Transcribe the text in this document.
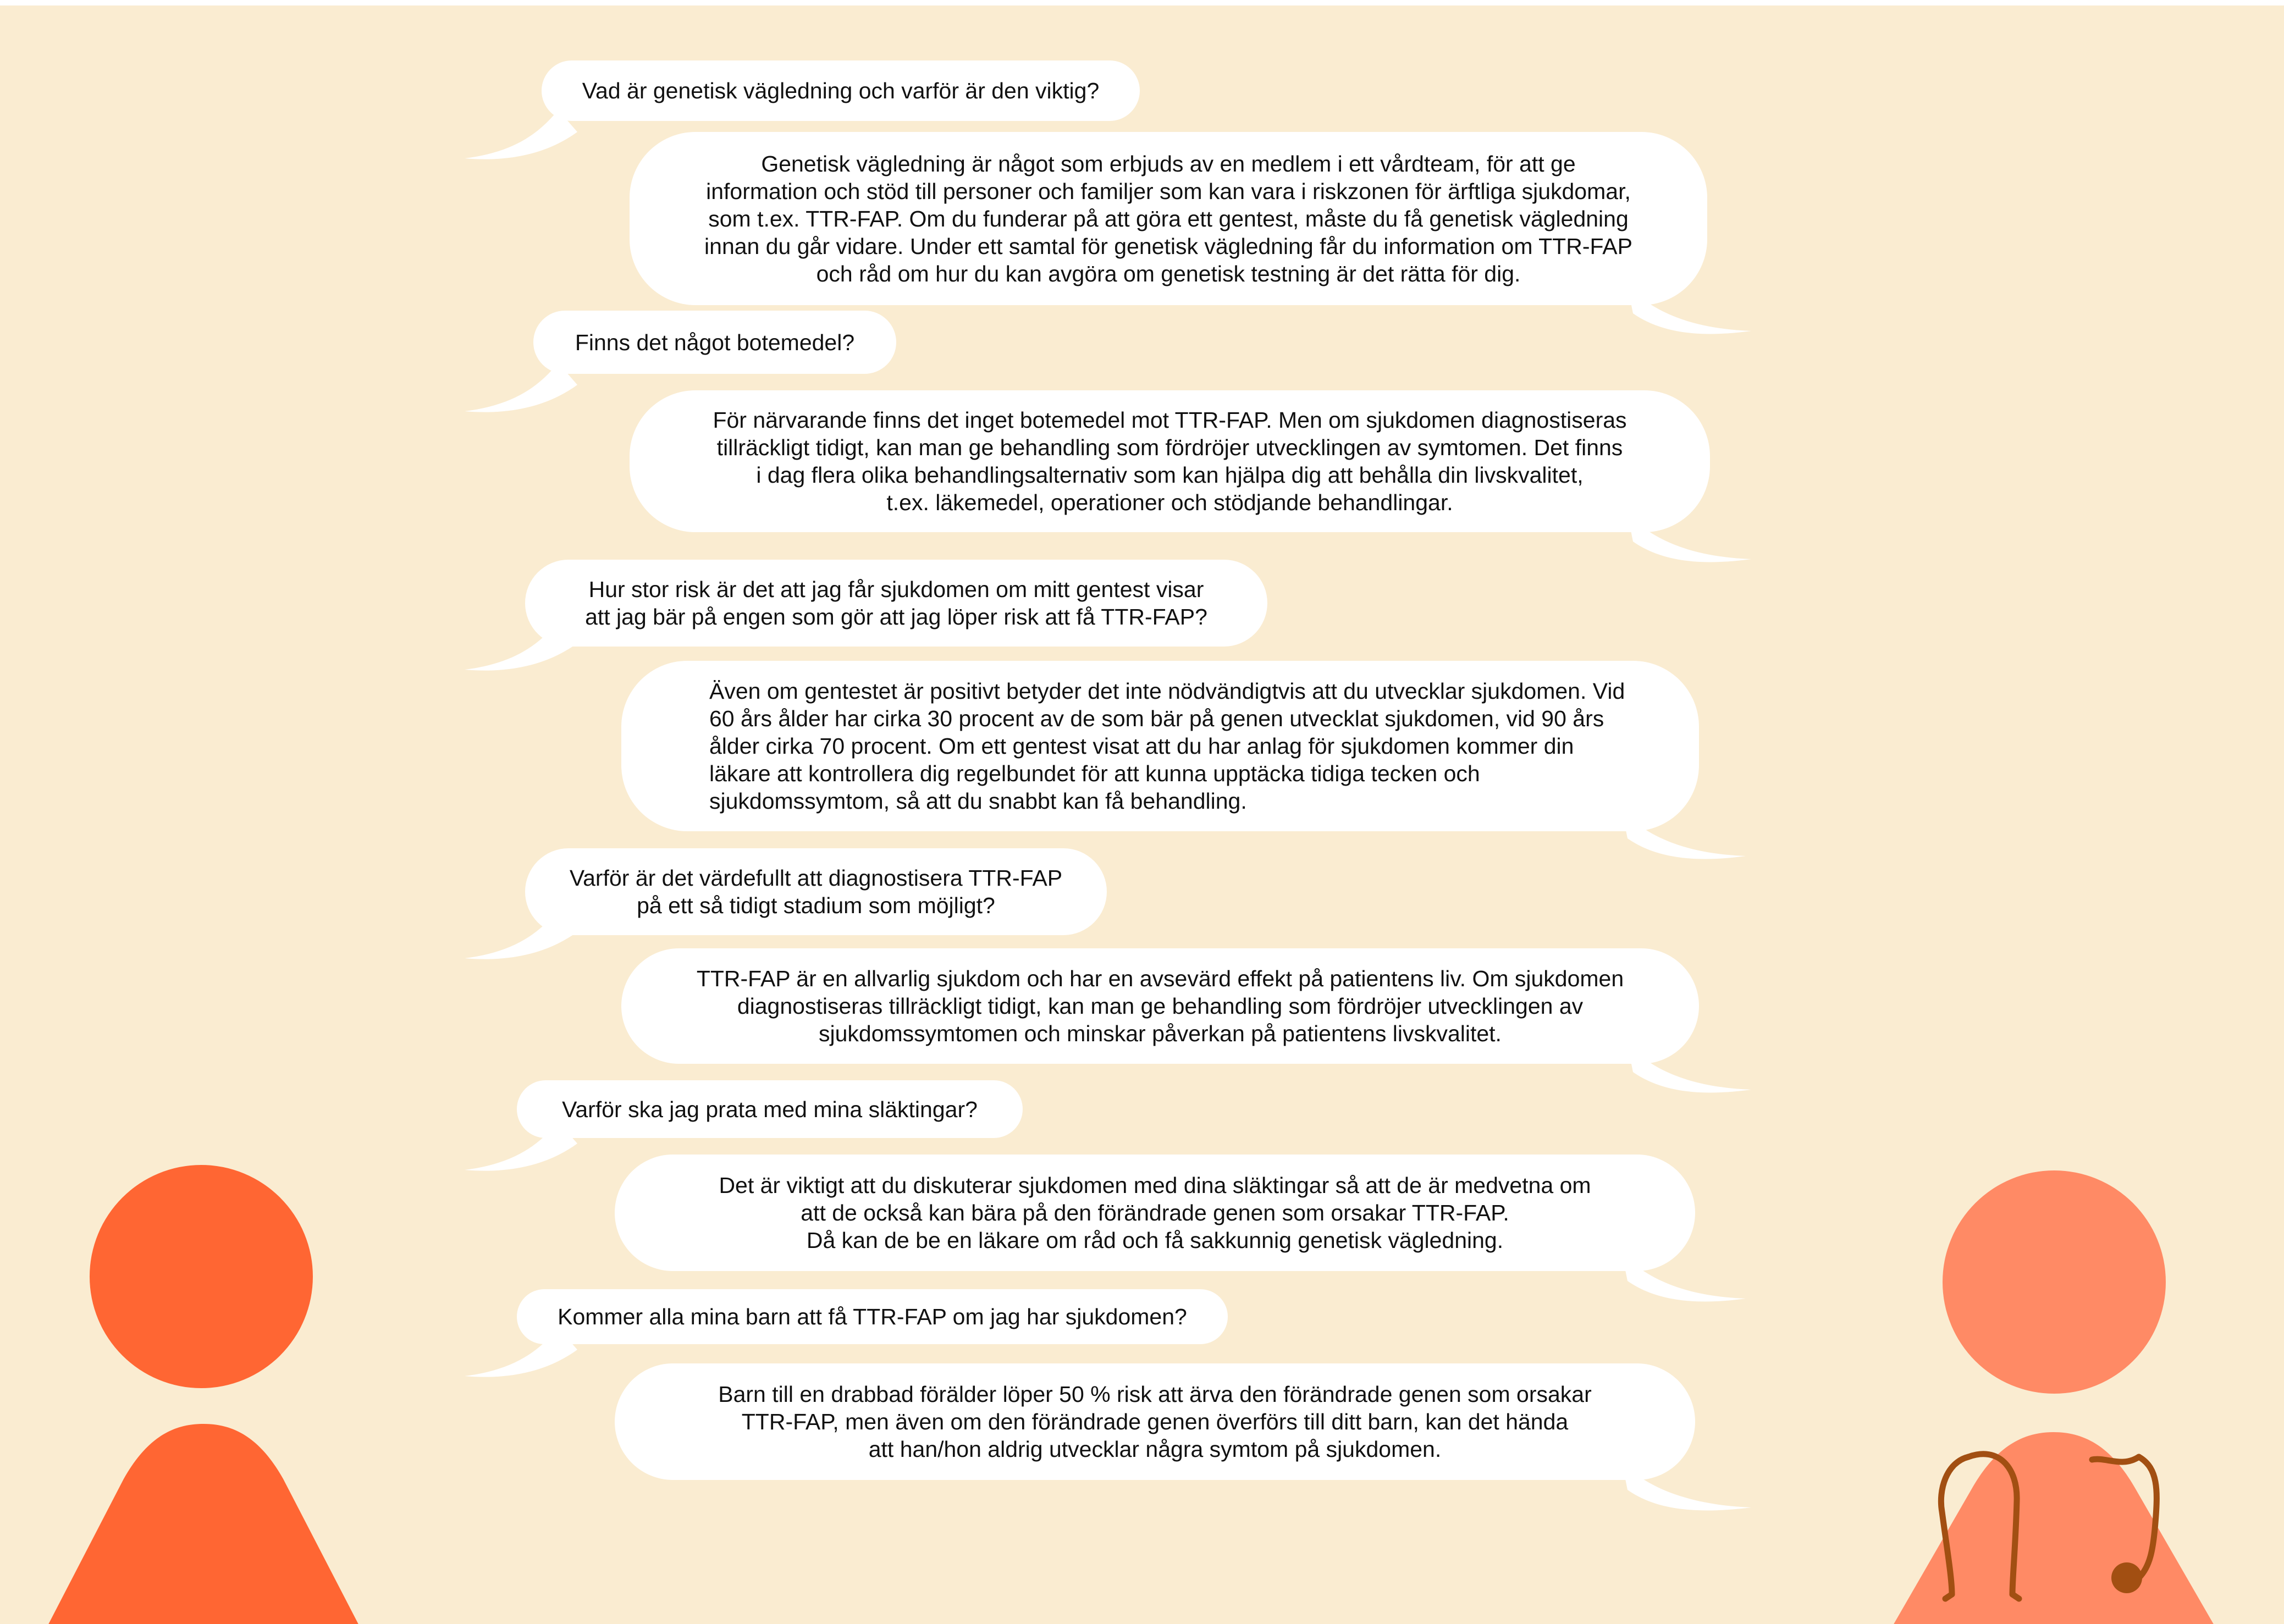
Vad är genetisk vägledning och varför är den viktig?
Genetisk vägledning är något som erbjuds av en medlem i ett vårdteam, för att ge
information och stöd till personer och familjer som kan vara i riskzonen för ärftliga sjukdomar,
som t.ex. TTR-FAP. Om du funderar på att göra ett gentest, måste du få genetisk vägledning
innan du går vidare. Under ett samtal för genetisk vägledning får du information om TTR-FAP
och råd om hur du kan avgöra om genetisk testning är det rätta för dig.
Finns det något botemedel?
För närvarande finns det inget botemedel mot TTR-FAP. Men om sjukdomen diagnostiseras
tillräckligt tidigt, kan man ge behandling som fördröjer utvecklingen av symtomen. Det finns
i dag flera olika behandlingsalternativ som kan hjälpa dig att behålla din livskvalitet,
t.ex. läkemedel, operationer och stödjande behandlingar.
Hur stor risk är det att jag får sjukdomen om mitt gentest visar
att jag bär på engen som gör att jag löper risk att få TTR-FAP?
Även om gentestet är positivt betyder det inte nödvändigtvis att du utvecklar sjukdomen. Vid
60 års ålder har cirka 30 procent av de som bär på genen utvecklat sjukdomen, vid 90 års
ålder cirka 70 procent. Om ett gentest visat att du har anlag för sjukdomen kommer din
läkare att kontrollera dig regelbundet för att kunna upptäcka tidiga tecken och
sjukdomssymtom, så att du snabbt kan få behandling.
Varför är det värdefullt att diagnostisera TTR-FAP
på ett så tidigt stadium som möjligt?
TTR-FAP är en allvarlig sjukdom och har en avsevärd effekt på patientens liv. Om sjukdomen
diagnostiseras tillräckligt tidigt, kan man ge behandling som fördröjer utvecklingen av
sjukdomssymtomen och minskar påverkan på patientens livskvalitet.
Varför ska jag prata med mina släktingar?
Det är viktigt att du diskuterar sjukdomen med dina släktingar så att de är medvetna om
att de också kan bära på den förändrade genen som orsakar TTR-FAP.
Då kan de be en läkare om råd och få sakkunnig genetisk vägledning.
Kommer alla mina barn att få TTR-FAP om jag har sjukdomen?
Barn till en drabbad förälder löper 50 % risk att ärva den förändrade genen som orsakar
TTR-FAP, men även om den förändrade genen överförs till ditt barn, kan det hända
att han/hon aldrig utvecklar några symtom på sjukdomen.
